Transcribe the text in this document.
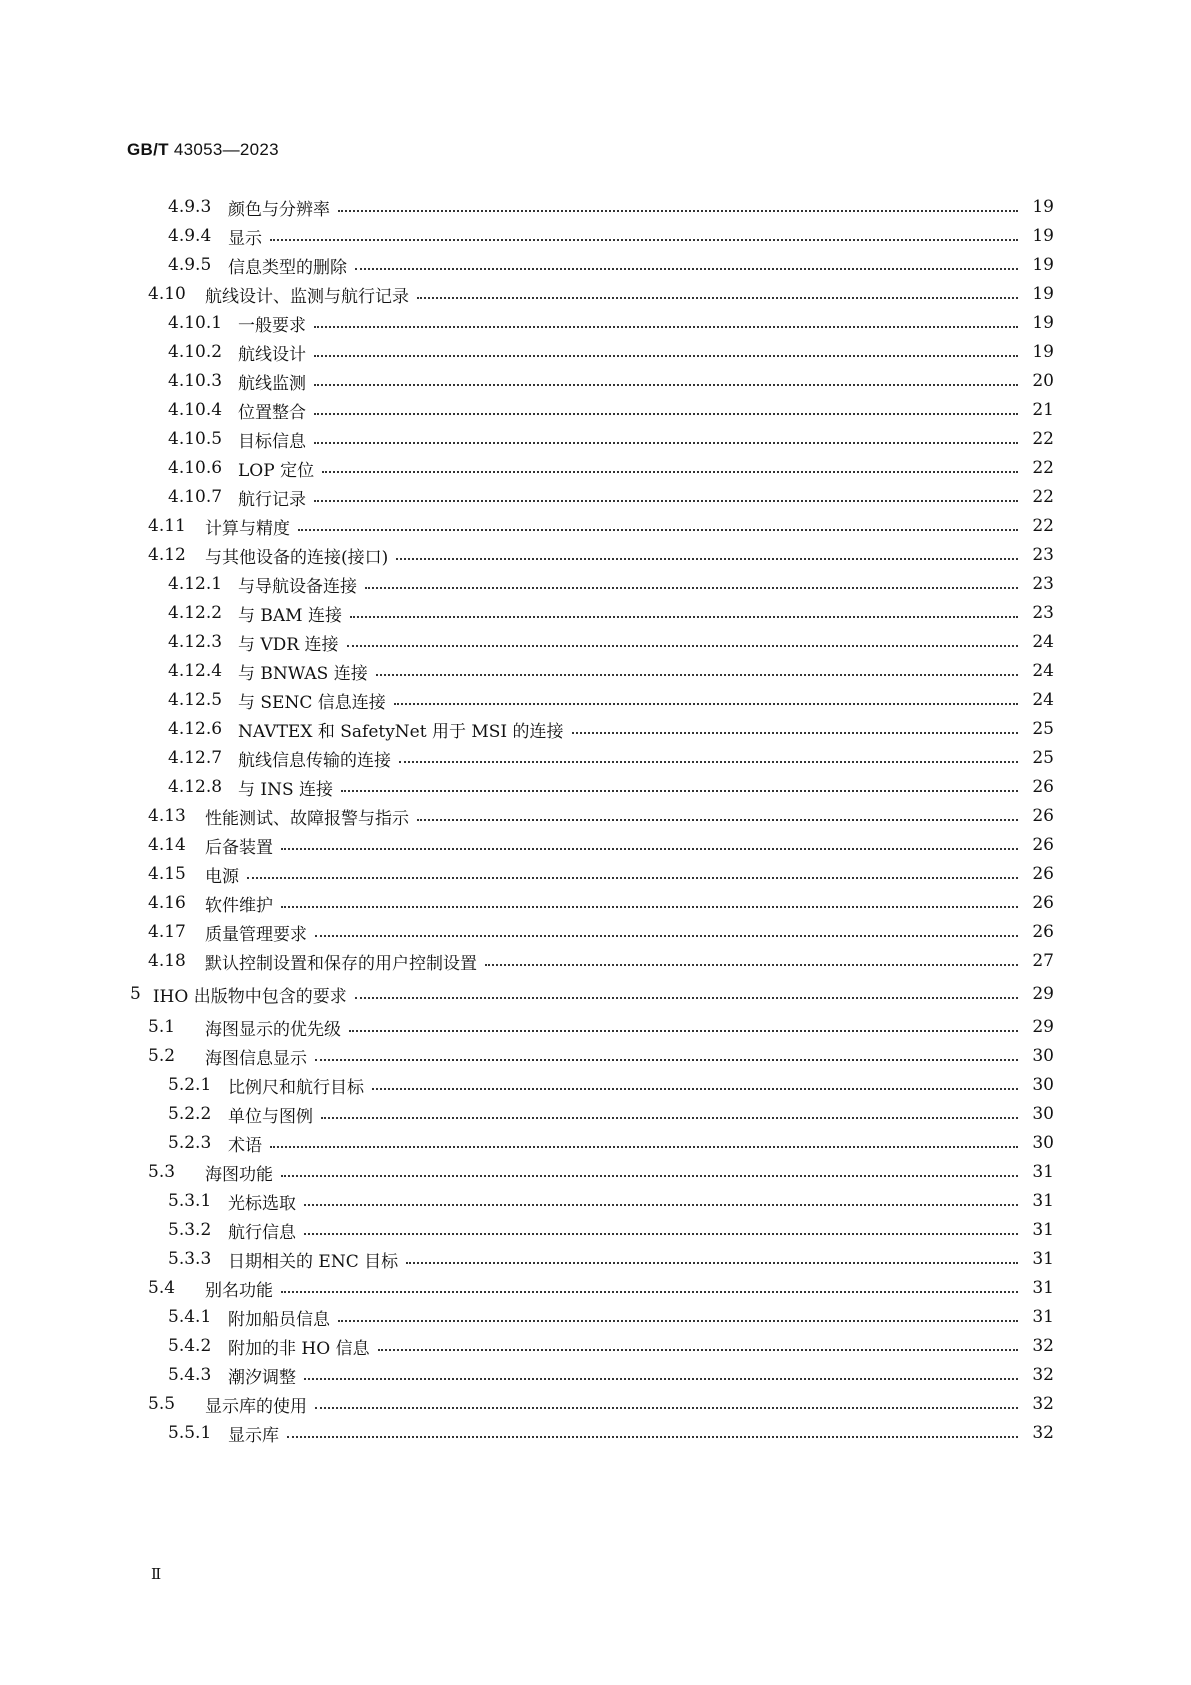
GB/T 43053—2023
4.9.3 颜色与分辨率	19
4.9.4 显示	19
4.9.5 信息类型的删除	19
4.10	航线设计、监测与航行记录	19
4.10.1 一般要求	19
4.10.2 航线设计	19
4.10.3 航线监测	20
4.10.4 位置整合	21
4.10.5 目标信息	22
4.10.6 LOP 定位	22
4.10.7 航行记录	22
4.11	计算与精度	22
4.12	与其他设备的连接(接口)	23
4.12.1 与导航设备连接	23
4.12.2 与 BAM 连接	23
4.12.3 与 VDR 连接	24
4.12.4 与 BNWAS 连接	24
4.12.5 与 SENC 信息连接	24
4.12.6 NAVTEX 和 SafetyNet 用于 MSI 的连接	25
4.12.7 航线信息传输的连接	25
4.12.8 与 INS 连接	26
4.13	性能测试、故障报警与指示	26
4.14	后备装置	26
4.15	电源	26
4.16	软件维护	26
4.17	质量管理要求	26
4.18	默认控制设置和保存的用户控制设置	27
5 IHO 出版物中包含的要求	29
5.1	海图显示的优先级	29
5.2	海图信息显示	30
5.2.1 比例尺和航行目标	30
5.2.2 单位与图例	30
5.2.3 术语	30
5.3	海图功能	31
5.3.1 光标选取	31
5.3.2 航行信息	31
5.3.3 日期相关的 ENC 目标	31
5.4	别名功能	31
5.4.1 附加船员信息	31
5.4.2 附加的非 HO 信息	32
5.4.3 潮汐调整	32
5.5	显示库的使用	32
5.5.1 显示库	32
Ⅱ
